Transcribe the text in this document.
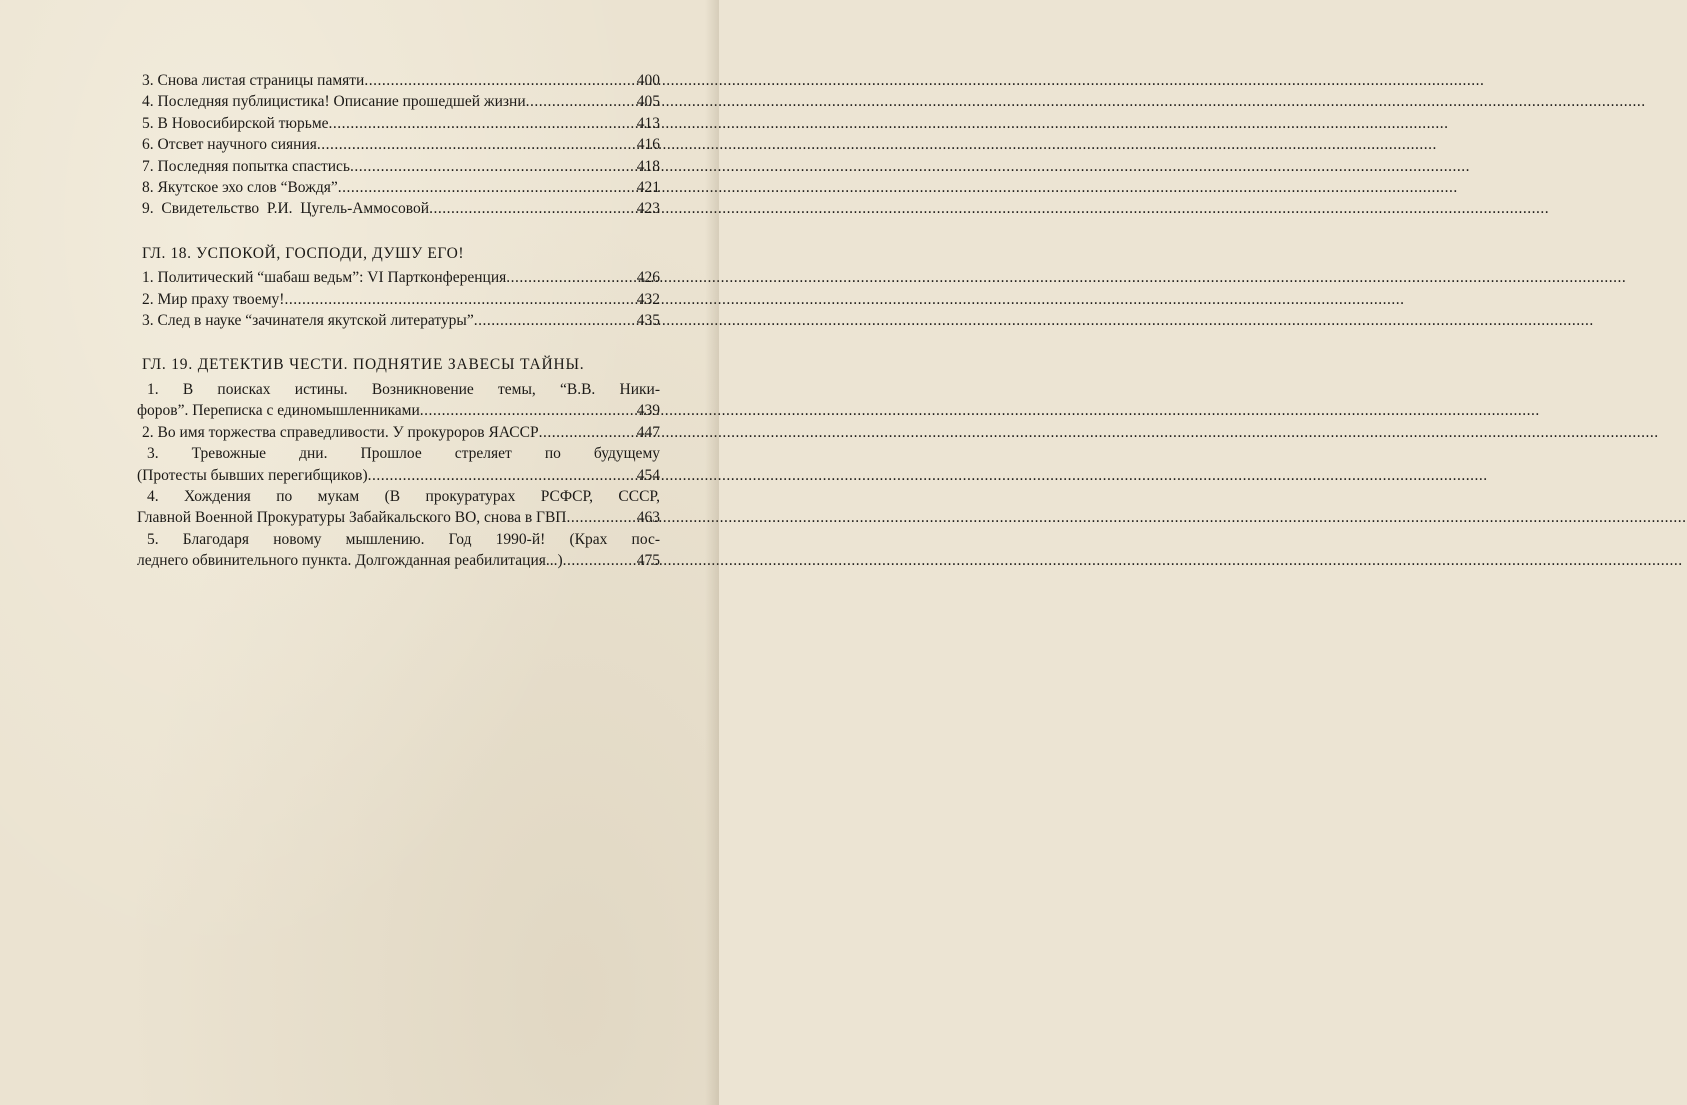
3. Снова листая страницы памяти .....	400
4. Последняя публицистика! Описание прошедшей жизни .....	405
5. В Новосибирской тюрьме .....	413
6. Отсвет научного сияния .....	416
7. Последняя попытка спастись .....	418
8. Якутское эхо слов “Вождя” .....	421
9.  Свидетельство  Р.И.  Цугель-Аммосовой .....	423
ГЛ. 18. УСПОКОЙ, ГОСПОДИ, ДУШУ ЕГО!
1. Политический “шабаш ведьм”: VI Партконференция .....	426
2. Мир праху твоему! .....	432
3. След в науке “зачинателя якутской литературы” .....	435
ГЛ. 19. ДЕТЕКТИВ ЧЕСТИ. ПОДНЯТИЕ ЗАВЕСЫ ТАЙНЫ.
1. В поисках истины. Возникновение темы, “В.В. Ники-
форов”. Переписка с единомышленниками .....	439
2. Во имя торжества справедливости. У прокуроров ЯАССР .....	447
3. Тревожные дни. Прошлое стреляет по будущему
(Протесты бывших перегибщиков) .....	454
4. Хождения по мукам (В прокуратурах РСФСР, СССР,
Главной Военной Прокуратуры Забайкальского ВО, снова в ГВП .....	463
5. Благодаря новому мышлению. Год 1990-й! (Крах пос-
леднего обвинительного пункта. Долгожданная реабилитация...) .....	475
